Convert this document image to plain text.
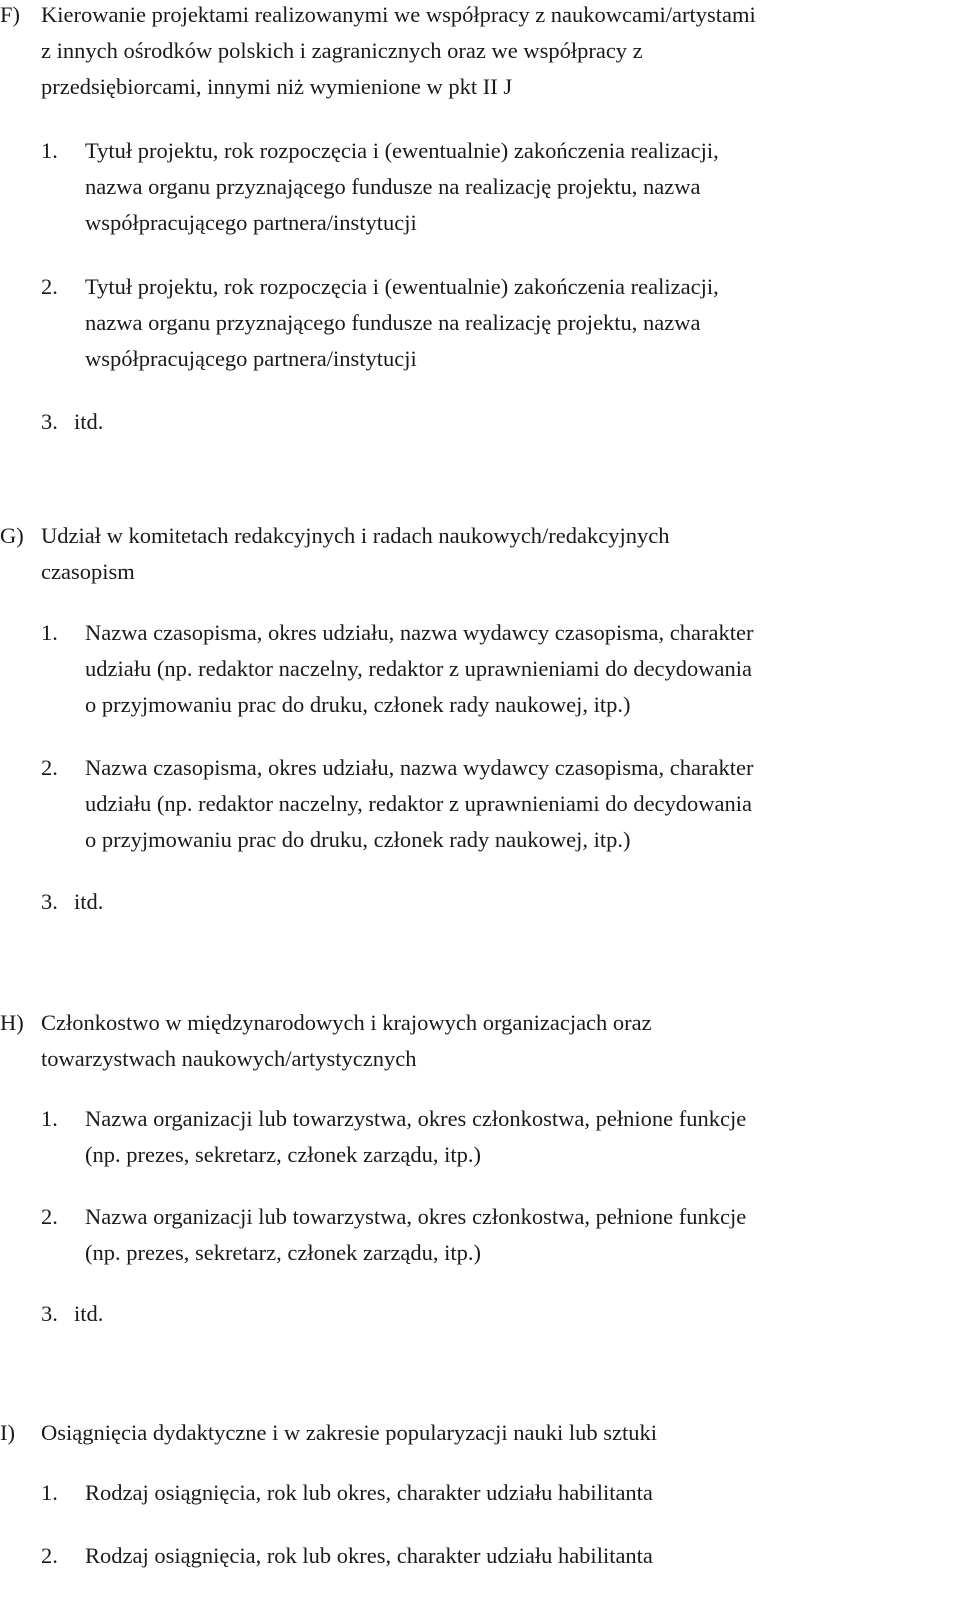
F) Kierowanie projektami realizowanymi we współpracy z naukowcami/artystami
z innych ośrodków polskich i zagranicznych oraz we współpracy z
przedsiębiorcami, innymi niż wymienione w pkt II J
1. Tytuł projektu, rok rozpoczęcia i (ewentualnie) zakończenia realizacji,
nazwa organu przyznającego fundusze na realizację projektu, nazwa
współpracującego partnera/instytucji
2. Tytuł projektu, rok rozpoczęcia i (ewentualnie) zakończenia realizacji,
nazwa organu przyznającego fundusze na realizację projektu, nazwa
współpracującego partnera/instytucji
3. itd.
G) Udział w komitetach redakcyjnych i radach naukowych/redakcyjnych
czasopism
1. Nazwa czasopisma, okres udziału, nazwa wydawcy czasopisma, charakter
udziału (np. redaktor naczelny, redaktor z uprawnieniami do decydowania
o przyjmowaniu prac do druku, członek rady naukowej, itp.)
2. Nazwa czasopisma, okres udziału, nazwa wydawcy czasopisma, charakter
udziału (np. redaktor naczelny, redaktor z uprawnieniami do decydowania
o przyjmowaniu prac do druku, członek rady naukowej, itp.)
3. itd.
H) Członkostwo w międzynarodowych i krajowych organizacjach oraz
towarzystwach naukowych/artystycznych
1. Nazwa organizacji lub towarzystwa, okres członkostwa, pełnione funkcje
(np. prezes, sekretarz, członek zarządu, itp.)
2. Nazwa organizacji lub towarzystwa, okres członkostwa, pełnione funkcje
(np. prezes, sekretarz, członek zarządu, itp.)
3. itd.
I) Osiągnięcia dydaktyczne i w zakresie popularyzacji nauki lub sztuki
1. Rodzaj osiągnięcia, rok lub okres, charakter udziału habilitanta
2. Rodzaj osiągnięcia, rok lub okres, charakter udziału habilitanta
